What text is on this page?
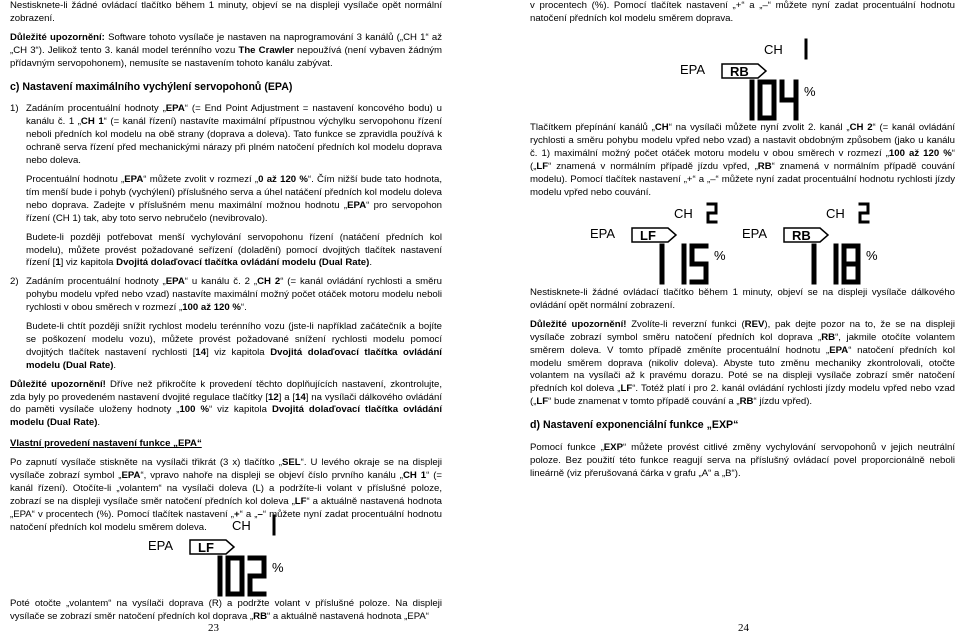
Nestisknete-li žádné ovládací tlačítko během 1 minuty, objeví se na displeji vysílače opět normální zobrazení.

Důležité upozornění: Software tohoto vysílače je nastaven na naprogramování 3 kanálů („CH 1“ až „CH 3“). Jelikož tento 3. kanál model terénního vozu The Crawler nepoužívá (není vybaven žádným přídavným servopohonem), nemusíte se nastavením tohoto kanálu zabývat.

c) Nastavení maximálního vychýlení servopohonů (EPA)
1) Zadáním procentuální hodnoty „EPA“ (= End Point Adjustment = nastavení koncového bodu) u kanálu č. 1 „CH 1“ (= kanál řízení) nastavíte maximální přípustnou výchylku servopohonu řízení neboli předních kol modelu na obě strany (doprava a doleva). Tato funkce se zpravidla používá k ochraně serva řízení před mechanickými nárazy při plném natočení předních kol modelu doprava nebo doleva.

Procentuální hodnotu „EPA“ můžete zvolit v rozmezí „0 až 120 %“. Čím nižší bude tato hodnota, tím menší bude i pohyb (vychýlení) příslušného serva a úhel natáčení předních kol modelu doleva nebo doprava. Zadejte v příslušném menu maximální možnou hodnotu „EPA“ pro servopohon řízení (CH 1) tak, aby toto servo nebručelo (nevibrovalo).

Budete-li později potřebovat menší vychylování servopohonu řízení (natáčení předních kol modelu), můžete provést požadované seřízení (doladění) pomocí dvojitých tlačítek nastavení řízení [1] viz kapitola Dvojitá dolaďovací tlačítka ovládání modelu (Dual Rate).

2) Zadáním procentuální hodnoty „EPA“ u kanálu č. 2 „CH 2“ (= kanál ovládání rychlosti a směru pohybu modelu vpřed nebo vzad) nastavíte maximální možný počet otáček motoru modelu neboli rychlosti v obou směrech v rozmezí „100 až 120 %“.

Budete-li chtít později snížit rychlost modelu terénního vozu (jste-li například začátečník a bojíte se poškození modelu vozu), můžete provést požadované snížení rychlosti modelu pomocí dvojitých tlačítek nastavení rychlosti [14] viz kapitola Dvojitá dolaďovací tlačítka ovládání modelu (Dual Rate).

Důležité upozornění! Dříve než přikročíte k provedení těchto doplňujících nastavení, zkontrolujte, zda byly po provedeném nastavení dvojité regulace tlačítky [12] a [14] na vysílači dálkového ovládání do paměti vysílače uloženy hodnoty „100 %“ viz kapitola Dvojitá dolaďovací tlačítka ovládání modelu (Dual Rate).

Vlastní provedení nastavení funkce „EPA“

Po zapnutí vysílače stiskněte na vysílači třikrát (3 x) tlačítko „SEL“. U levého okraje se na displeji vysílače zobrazí symbol „EPA“, vpravo nahoře na displeji se objeví číslo prvního kanálu „CH 1“ (= kanál řízení). Otočíte-li „volantem“ na vysílači doleva (L) a podržíte-li volant v příslušné poloze, zobrazí se na displeji vysílače směr natočení předních kol doleva „LF“ a aktuálně nastavená hodnota „EPA“ v procentech (%). Pomocí tlačítek nastavení „+“ a „–“ můžete nyní zadat procentuální hodnotu natočení předních kol modelu směrem doleva.

Poté otočte „volantem“ na vysílači doprava (R) a podržte volant v příslušné poloze. Na displeji vysílače se zobrazí směr natočení předních kol doprava „RB“ a aktuálně nastavená hodnota „EPA“

23

v procentech (%). Pomocí tlačítek nastavení „+“ a „–“ můžete nyní zadat procentuální hodnotu natočení předních kol modelu směrem doprava.

Tlačítkem přepínání kanálů „CH“ na vysílači můžete nyní zvolit 2. kanál „CH 2“ (= kanál ovládání rychlosti a směru pohybu modelu vpřed nebo vzad) a nastavit obdobným způsobem (jako u kanálu č. 1) maximální možný počet otáček motoru modelu v obou směrech v rozmezí „100 až 120 %“ („LF“ znamená v normálním případě jízdu vpřed, „RB“ znamená v normálním případě couvání modelu). Pomocí tlačítek nastavení „+“ a „–“ můžete nyní zadat procentuální hodnotu rychlosti jízdy modelu vpřed nebo couvání.

Nestisknete-li žádné ovládací tlačítko během 1 minuty, objeví se na displeji vysílače dálkového ovládání opět normální zobrazení.

Důležité upozornění! Zvolíte-li reverzní funkci (REV), pak dejte pozor na to, že se na displeji vysílače zobrazí symbol směru natočení předních kol doprava „RB“, jakmile otočíte volantem směrem doleva. V tomto případě změníte procentuální hodnotu „EPA“ natočení předních kol modelu směrem doprava (nikoliv doleva). Abyste tuto změnu mechaniky zkontrolovali, otočte volantem na vysílači až k pravému dorazu. Poté se na displeji vysílače zobrazí směr natočení předních kol doleva „LF“. Totéž platí i pro 2. kanál ovládání rychlosti jízdy modelu vpřed nebo vzad („LF“ bude znamenat v tomto případě couvání a „RB“ jízdu vpřed).

d) Nastavení exponenciální funkce „EXP“

Pomocí funkce „EXP“ můžete provést citlivé změny vychylování servopohonů v jejich neutrální poloze. Bez použití této funkce reagují serva na příslušný ovládací povel proporcionálně neboli lineárně (viz přerušovaná čárka v grafu „A“ a „B“).

24
EPA
CH
RB
%
EPA
CH
LF
%
EPA
CH
RB
%
EPA
CH
LF
%
